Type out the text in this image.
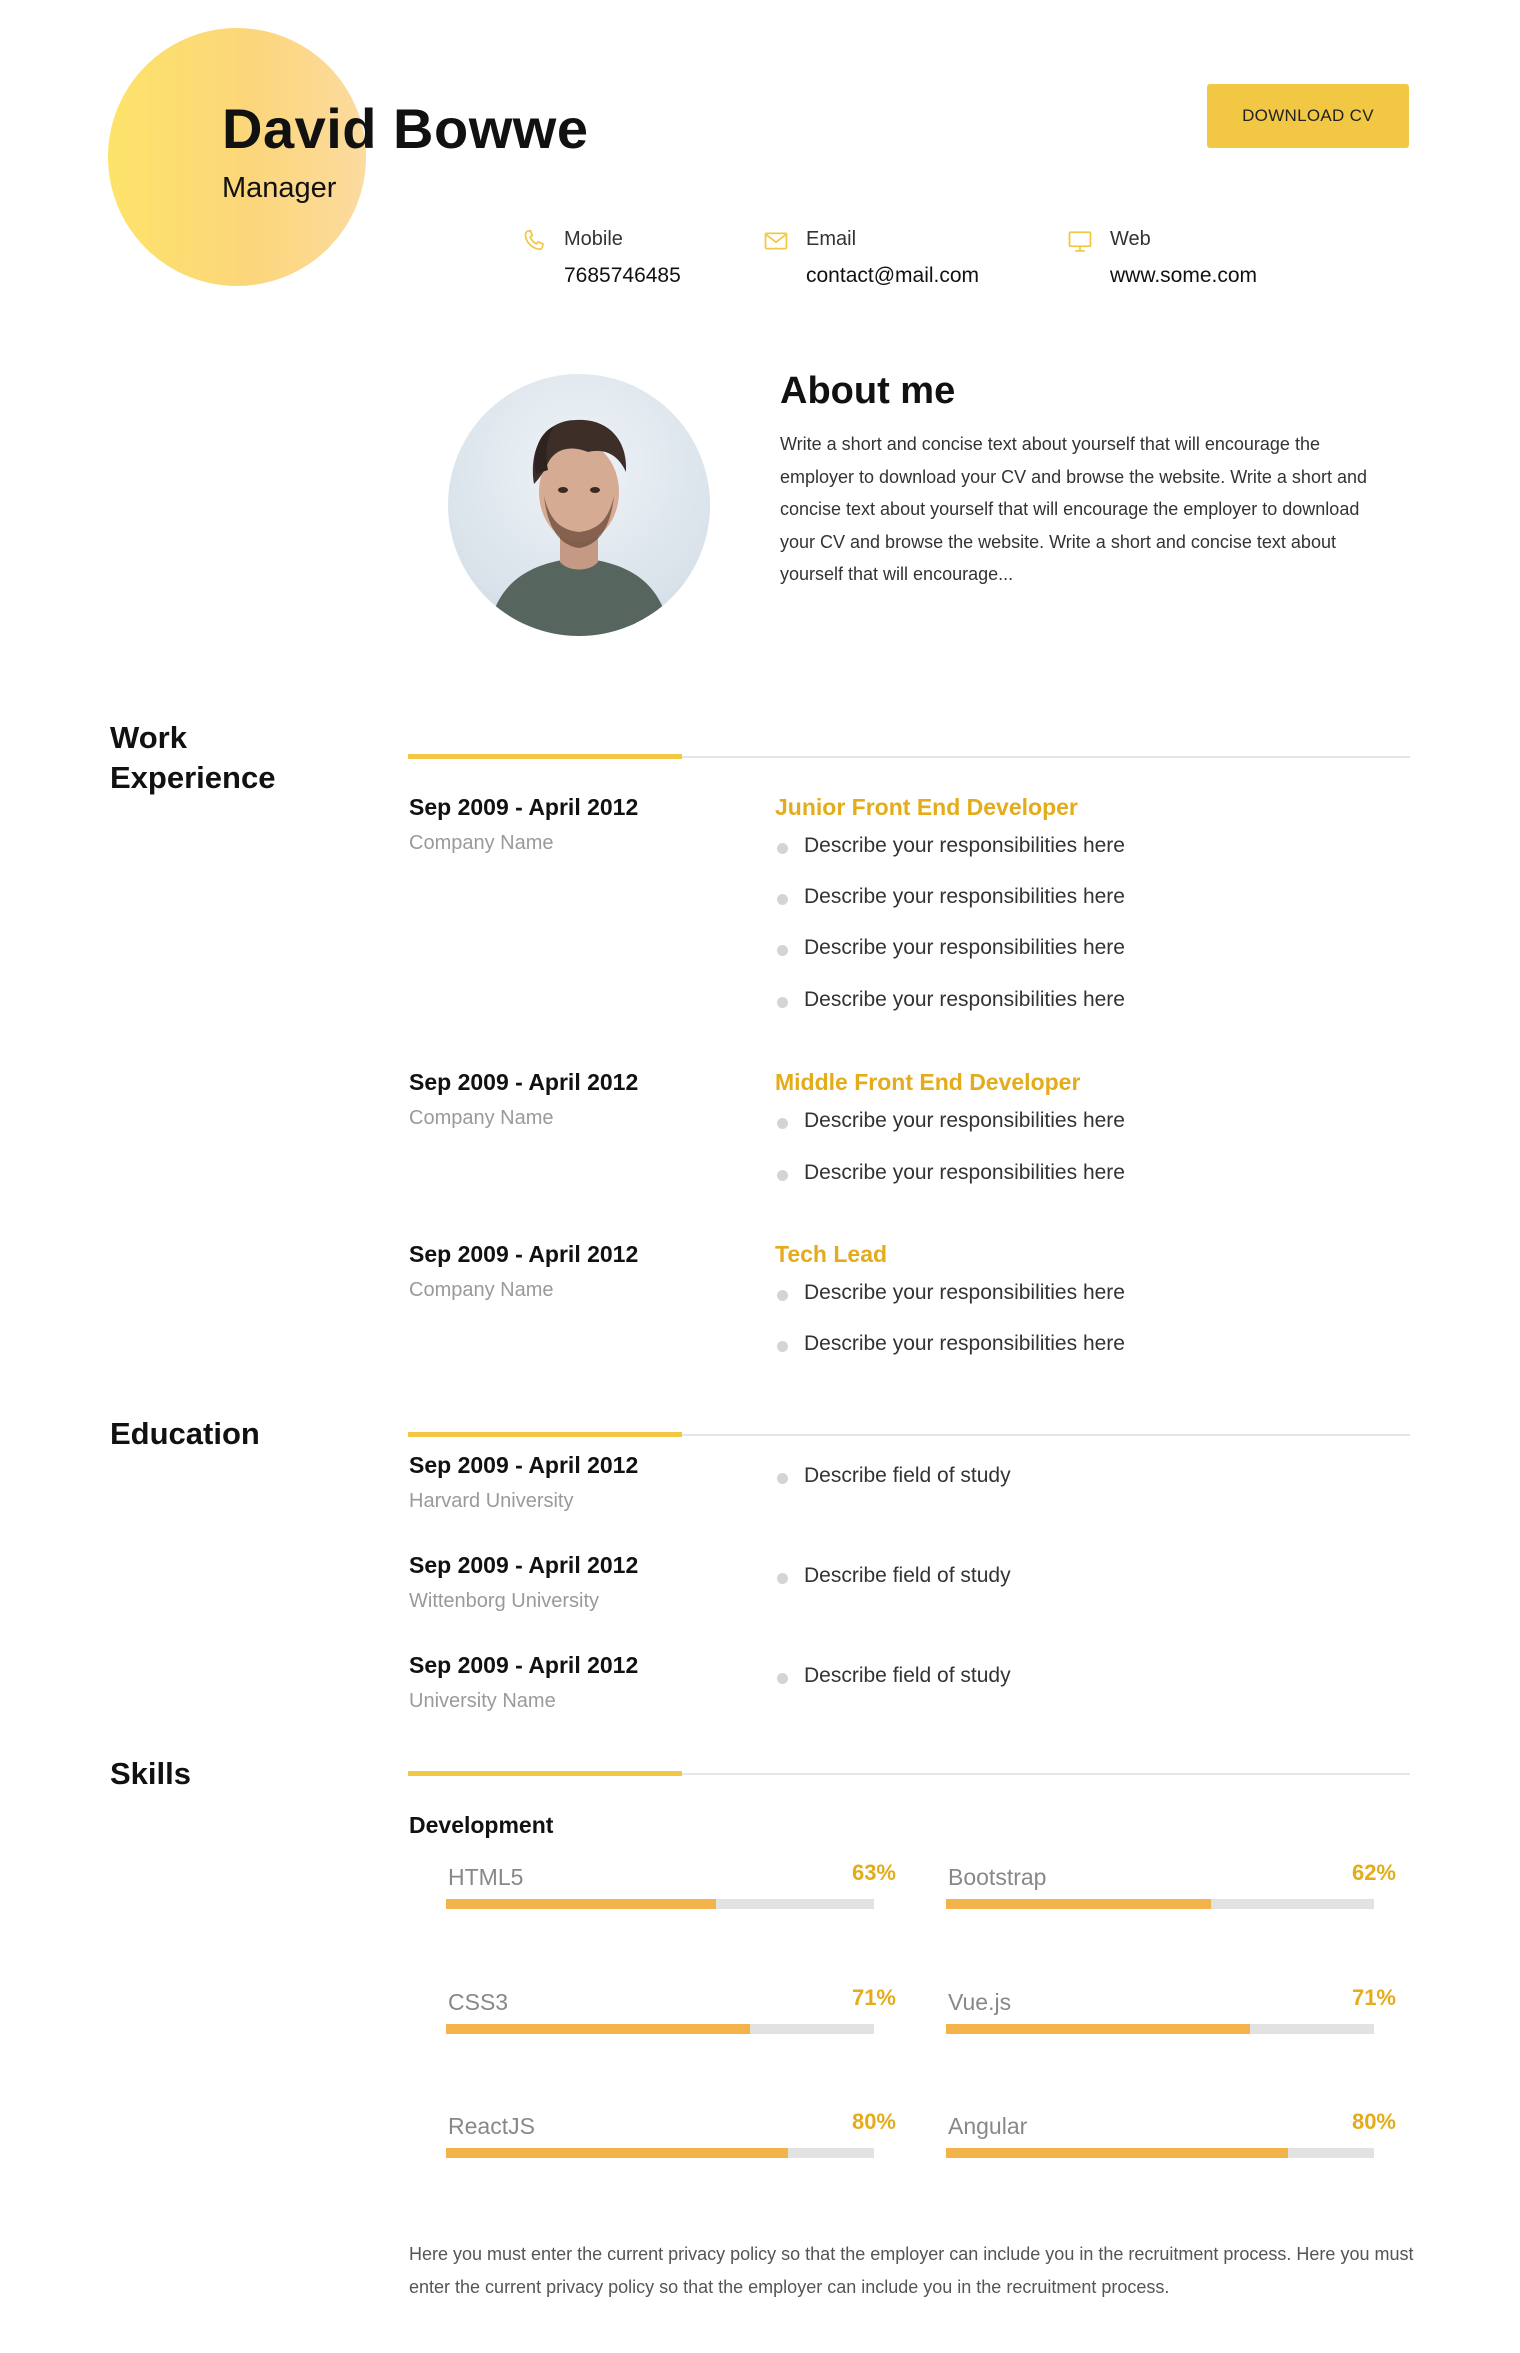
David Bowwe
Manager
DOWNLOAD CV
Mobile
7685746485
Email
contact@mail.com
Web
www.some.com
About me
Write a short and concise text about yourself that will encourage the employer to download your CV and browse the website. Write a short and concise text about yourself that will encourage the employer to download your CV and browse the website. Write a short and concise text about yourself that will encourage...
Work Experience
Sep 2009 - April 2012
Company Name
Junior Front End Developer
Describe your responsibilities here
Describe your responsibilities here
Describe your responsibilities here
Describe your responsibilities here
Sep 2009 - April 2012
Company Name
Middle Front End Developer
Describe your responsibilities here
Describe your responsibilities here
Sep 2009 - April 2012
Company Name
Tech Lead
Describe your responsibilities here
Describe your responsibilities here
Education
Sep 2009 - April 2012
Harvard University
Describe field of study
Sep 2009 - April 2012
Wittenborg University
Describe field of study
Sep 2009 - April 2012
University Name
Describe field of study
Skills
Development
HTML5	63% Bootstrap	62%
CSS3	71% Vue.js	71%
ReactJS	80% Angular	80%
Here you must enter the current privacy policy so that the employer can include you in the recruitment process. Here you must enter the current privacy policy so that the employer can include you in the recruitment process.
